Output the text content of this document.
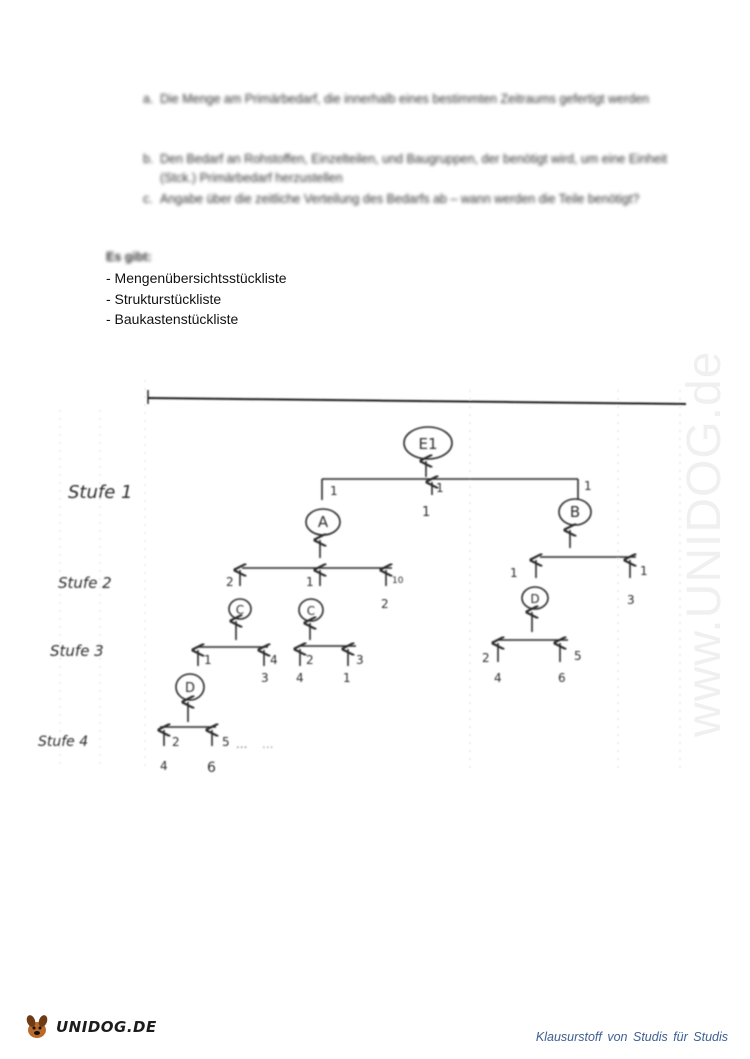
a. Die Menge am Primärbedarf, die innerhalb eines bestimmten Zeitraums gefertigt werden
b. Den Bedarf an Rohstoffen, Einzelteilen, und Baugruppen, der benötigt wird, um eine Einheit (Stck.) Primärbedarf herzustellen
c. Angabe über die zeitliche Verteilung des Bedarfs ab – wann werden die Teile benötigt?
Es gibt:
- Mengenübersichtsstückliste
- Strukturstückliste
- Baukastenstückliste
www.UNIDOG.de
Stufe 1
Stufe 2
Stufe 3
Stufe 4
E1
A
B
C	C
D
D
1	1
1
1
2	1	10
2
1	1
3
1	4
3
2
4
3
1
2
4
5
6
2
4
5
6
... ...
UNIDOG.DE
Klausurstoff von Studis für Studis
